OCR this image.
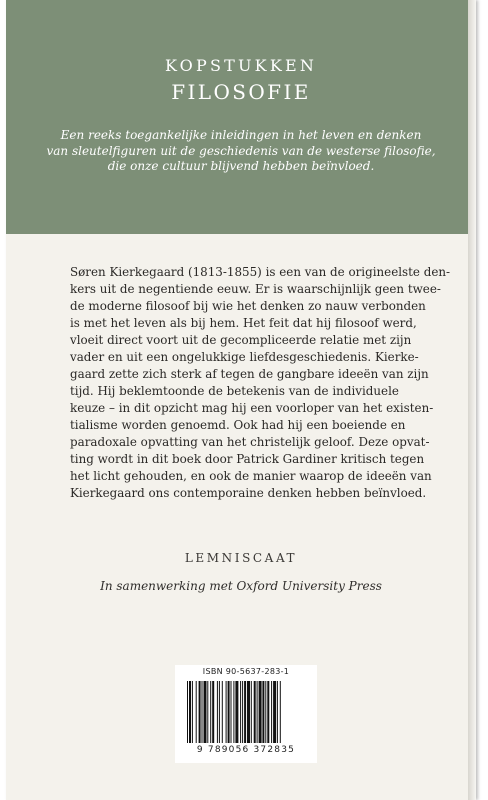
KOPSTUKKEN
FILOSOFIE
Een reeks toegankelijke inleidingen in het leven en denken
van sleutelfiguren uit de geschiedenis van de westerse filosofie,
die onze cultuur blijvend hebben beïnvloed.
Søren Kierkegaard (1813-1855) is een van de origineelste den-
kers uit de negentiende eeuw. Er is waarschijnlijk geen twee-
de moderne filosoof bij wie het denken zo nauw verbonden
is met het leven als bij hem. Het feit dat hij filosoof werd,
vloeit direct voort uit de gecompliceerde relatie met zijn
vader en uit een ongelukkige liefdesgeschiedenis. Kierke-
gaard zette zich sterk af tegen de gangbare ideeën van zijn
tijd. Hij beklemtoonde de betekenis van de individuele
keuze – in dit opzicht mag hij een voorloper van het existen-
tialisme worden genoemd. Ook had hij een boeiende en
paradoxale opvatting van het christelijk geloof. Deze opvat-
ting wordt in dit boek door Patrick Gardiner kritisch tegen
het licht gehouden, en ook de manier waarop de ideeën van
Kierkegaard ons contemporaine denken hebben beïnvloed.
LEMNISCAAT
In samenwerking met Oxford University Press
ISBN 90-5637-283-1
9 789056 372835
